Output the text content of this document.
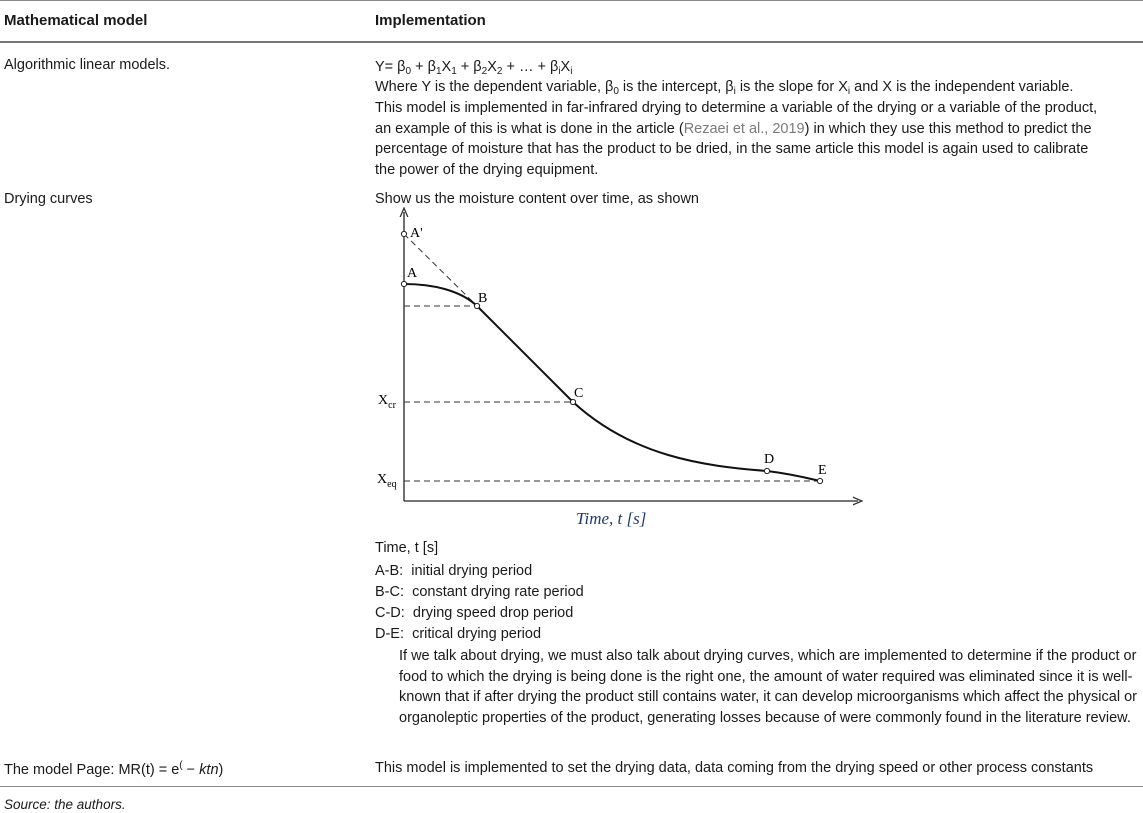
Mathematical model	Implementation
Algorithmic linear models.	$Y= \beta_0 + \beta_1X_1 + \beta_2X_2$ + … + $\beta_iX_i$
Where Y is the dependent variable, $\beta_0$ is the intercept, $\beta_i$ is the slope for $X_i$ and X is the independent variable.
This model is implemented in far-infrared drying to determine a variable of the drying or a variable of the product,
an example of this is what is done in the article (Rezaei et al., 2019) in which they use this method to predict the
percentage of moisture that has the product to be dried, in the same article this model is again used to calibrate
the power of the drying equipment.
Drying curves	Show us the moisture content over time, as shown
A'
A
B
C
D
E
$X_{cr}$
$X_{eq}$
Time, t [s]
Time, t [s]
A-B: initial drying period
B-C: constant drying rate period
C-D: drying speed drop period
D-E: critical drying period
If we talk about drying, we must also talk about drying curves, which are implemented to determine if the product or food to which the drying is being done is the right one, the amount of water required was eliminated since it is well-known that if after drying the product still contains water, it can develop microorganisms which affect the physical or organoleptic properties of the product, generating losses because of were commonly found in the literature review.
The model Page: MR(t) = e( − ktn)	This model is implemented to set the drying data, data coming from the drying speed or other process constants
Source: the authors.
